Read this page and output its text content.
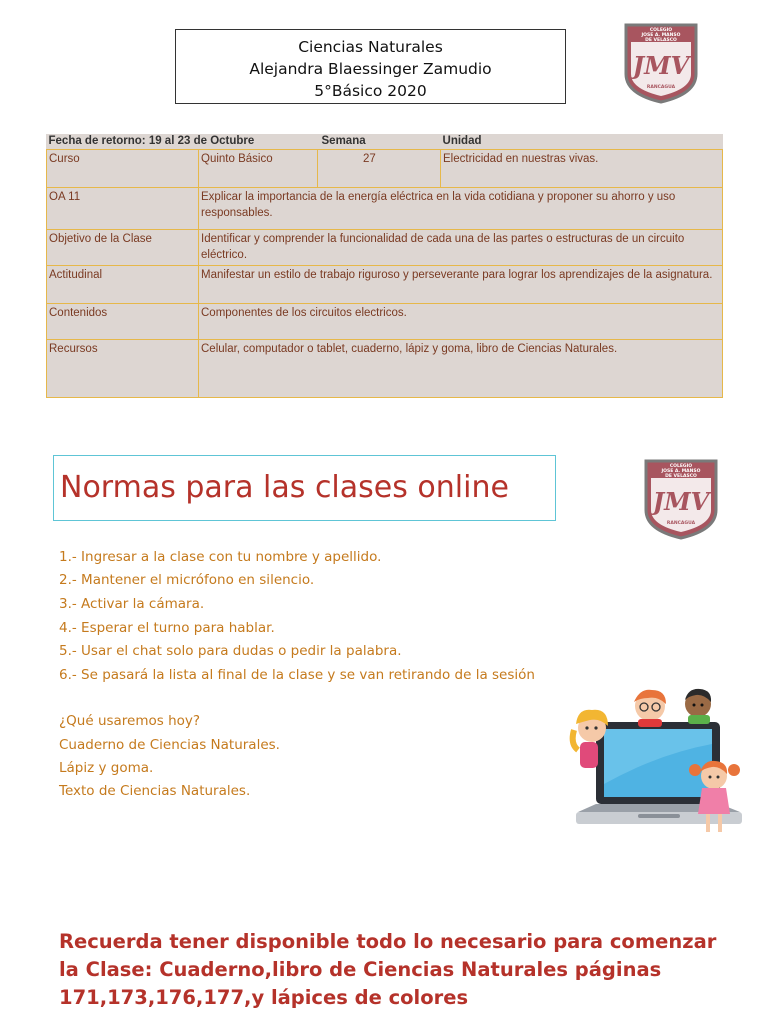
Ciencias Naturales
Alejandra Blaessinger Zamudio
5°Básico 2020
COLEGIO
JOSE A. MANSO
DE VELASCO
JMV
RANCAGUA
Fecha de retorno: 19 al 23 de Octubre		Semana	Unidad
Curso	Quinto Básico	27	Electricidad en nuestras vivas.
OA 11	Explicar la importancia de la energía eléctrica en la vida cotidiana y proponer su ahorro y uso responsables.		
Objetivo de la Clase	Identificar y comprender la funcionalidad de cada una de las partes o estructuras de un circuito eléctrico.		
Actitudinal	Manifestar un estilo de trabajo riguroso y perseverante para lograr los aprendizajes de la asignatura.		
Contenidos	Componentes de los circuitos electricos.		
Recursos	Celular, computador o tablet, cuaderno, lápiz y goma, libro de Ciencias Naturales.		
Normas para las clases online
COLEGIO
JOSE A. MANSO
DE VELASCO
JMV
RANCAGUA
1.- Ingresar a la clase con tu nombre y apellido.
2.- Mantener el micrófono en silencio.
3.- Activar la cámara.
4.- Esperar el turno para hablar.
5.- Usar el chat solo para dudas o pedir la palabra.
6.- Se pasará la lista al final de la clase y se van retirando de la sesión
¿Qué usaremos hoy?
Cuaderno de Ciencias Naturales.
Lápiz y goma.
Texto de Ciencias Naturales.
Recuerda tener disponible todo lo necesario para comenzar la Clase: Cuaderno,libro de Ciencias Naturales páginas 171,173,176,177,y lápices de colores
